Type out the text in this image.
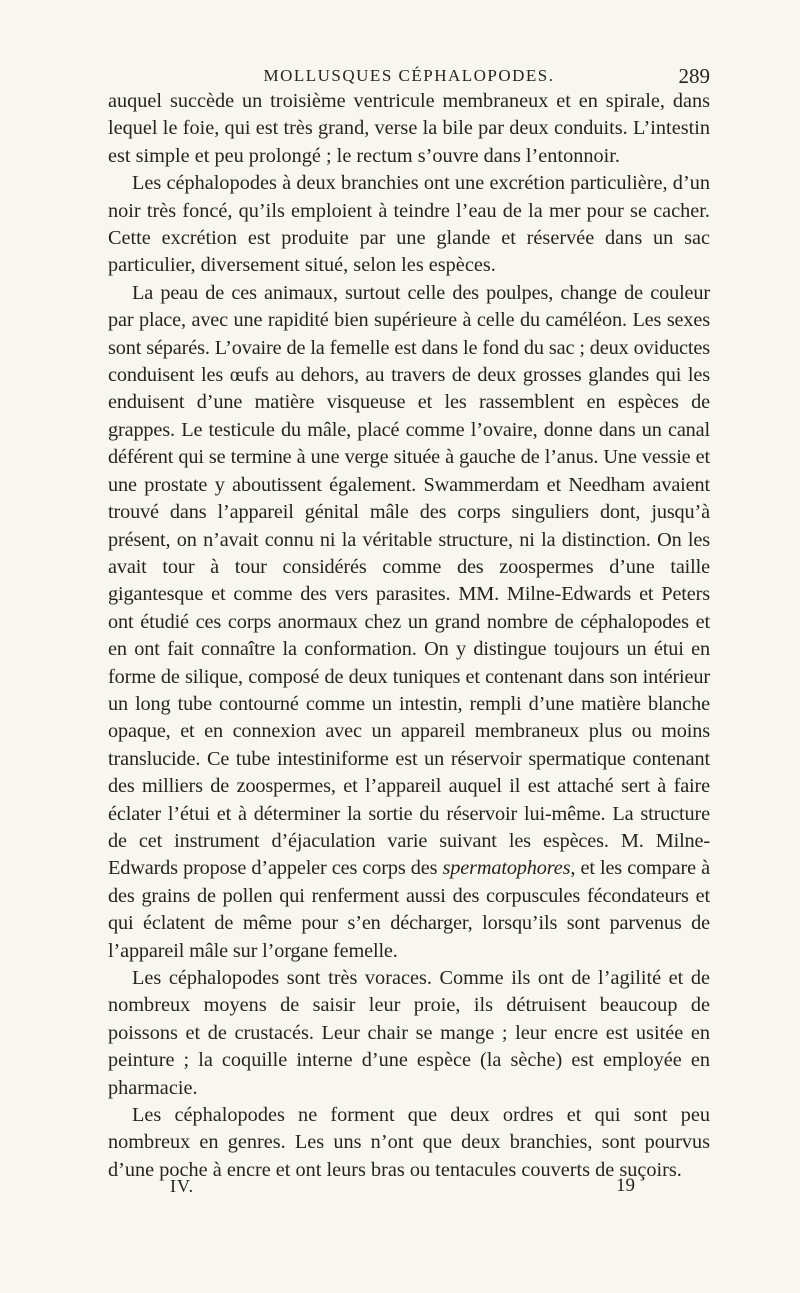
MOLLUSQUES CÉPHALOPODES.	289

auquel succède un troisième ventricule membraneux et en spirale, dans lequel le foie, qui est très grand, verse la bile par deux conduits. L’intestin est simple et peu prolongé ; le rectum s’ouvre dans l’entonnoir.

Les céphalopodes à deux branchies ont une excrétion particulière, d’un noir très foncé, qu’ils emploient à teindre l’eau de la mer pour se cacher. Cette excrétion est produite par une glande et réservée dans un sac particulier, diversement situé, selon les espèces.

La peau de ces animaux, surtout celle des poulpes, change de couleur par place, avec une rapidité bien supérieure à celle du caméléon. Les sexes sont séparés. L’ovaire de la femelle est dans le fond du sac ; deux oviductes conduisent les œufs au dehors, au travers de deux grosses glandes qui les enduisent d’une matière visqueuse et les rassemblent en espèces de grappes. Le testicule du mâle, placé comme l’ovaire, donne dans un canal déférent qui se termine à une verge située à gauche de l’anus. Une vessie et une prostate y aboutissent également. Swammerdam et Needham avaient trouvé dans l’appareil génital mâle des corps singuliers dont, jusqu’à présent, on n’avait connu ni la véritable structure, ni la distinction. On les avait tour à tour considérés comme des zoospermes d’une taille gigantesque et comme des vers parasites. MM. Milne-Edwards et Peters ont étudié ces corps anormaux chez un grand nombre de céphalopodes et en ont fait connaître la conformation. On y distingue toujours un étui en forme de silique, composé de deux tuniques et contenant dans son intérieur un long tube contourné comme un intestin, rempli d’une matière blanche opaque, et en connexion avec un appareil membraneux plus ou moins translucide. Ce tube intestiniforme est un réservoir spermatique contenant des milliers de zoospermes, et l’appareil auquel il est attaché sert à faire éclater l’étui et à déterminer la sortie du réservoir lui-même. La structure de cet instrument d’éjaculation varie suivant les espèces. M. Milne-Edwards propose d’appeler ces corps des spermatophores, et les compare à des grains de pollen qui renferment aussi des corpuscules fécondateurs et qui éclatent de même pour s’en décharger, lorsqu’ils sont parvenus de l’appareil mâle sur l’organe femelle.

Les céphalopodes sont très voraces. Comme ils ont de l’agilité et de nombreux moyens de saisir leur proie, ils détruisent beaucoup de poissons et de crustacés. Leur chair se mange ; leur encre est usitée en peinture ; la coquille interne d’une espèce (la sèche) est employée en pharmacie.

Les céphalopodes ne forment que deux ordres et qui sont peu nombreux en genres. Les uns n’ont que deux branchies, sont pourvus d’une poche à encre et ont leurs bras ou tentacules couverts de suçoirs.

IV.	19
